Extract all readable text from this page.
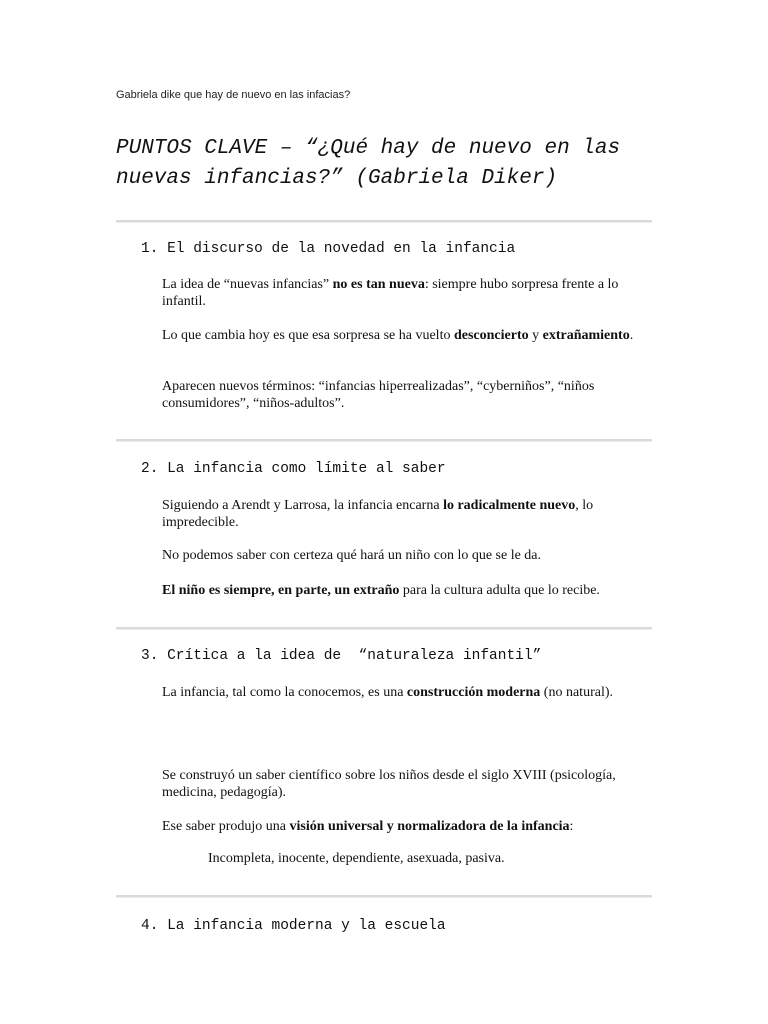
Gabriela dike que hay de nuevo en las infacias?
PUNTOS CLAVE – “¿Qué hay de nuevo en las
nuevas infancias?” (Gabriela Diker)
1. El discurso de la novedad en la infancia

La idea de “nuevas infancias” no es tan nueva: siempre hubo sorpresa frente a lo infantil.

Lo que cambia hoy es que esa sorpresa se ha vuelto desconcierto y extrañamiento.

Aparecen nuevos términos: “infancias hiperrealizadas”, “cyberniños”, “niños consumidores”, “niños-adultos”.

2. La infancia como límite al saber

Siguiendo a Arendt y Larrosa, la infancia encarna lo radicalmente nuevo, lo impredecible.

No podemos saber con certeza qué hará un niño con lo que se le da.

El niño es siempre, en parte, un extraño para la cultura adulta que lo recibe.

3. Crítica a la idea de  “naturaleza infantil”

La infancia, tal como la conocemos, es una construcción moderna (no natural).

Se construyó un saber científico sobre los niños desde el siglo XVIII (psicología, medicina, pedagogía).

Ese saber produjo una visión universal y normalizadora de la infancia:

Incompleta, inocente, dependiente, asexuada, pasiva.

4. La infancia moderna y la escuela
